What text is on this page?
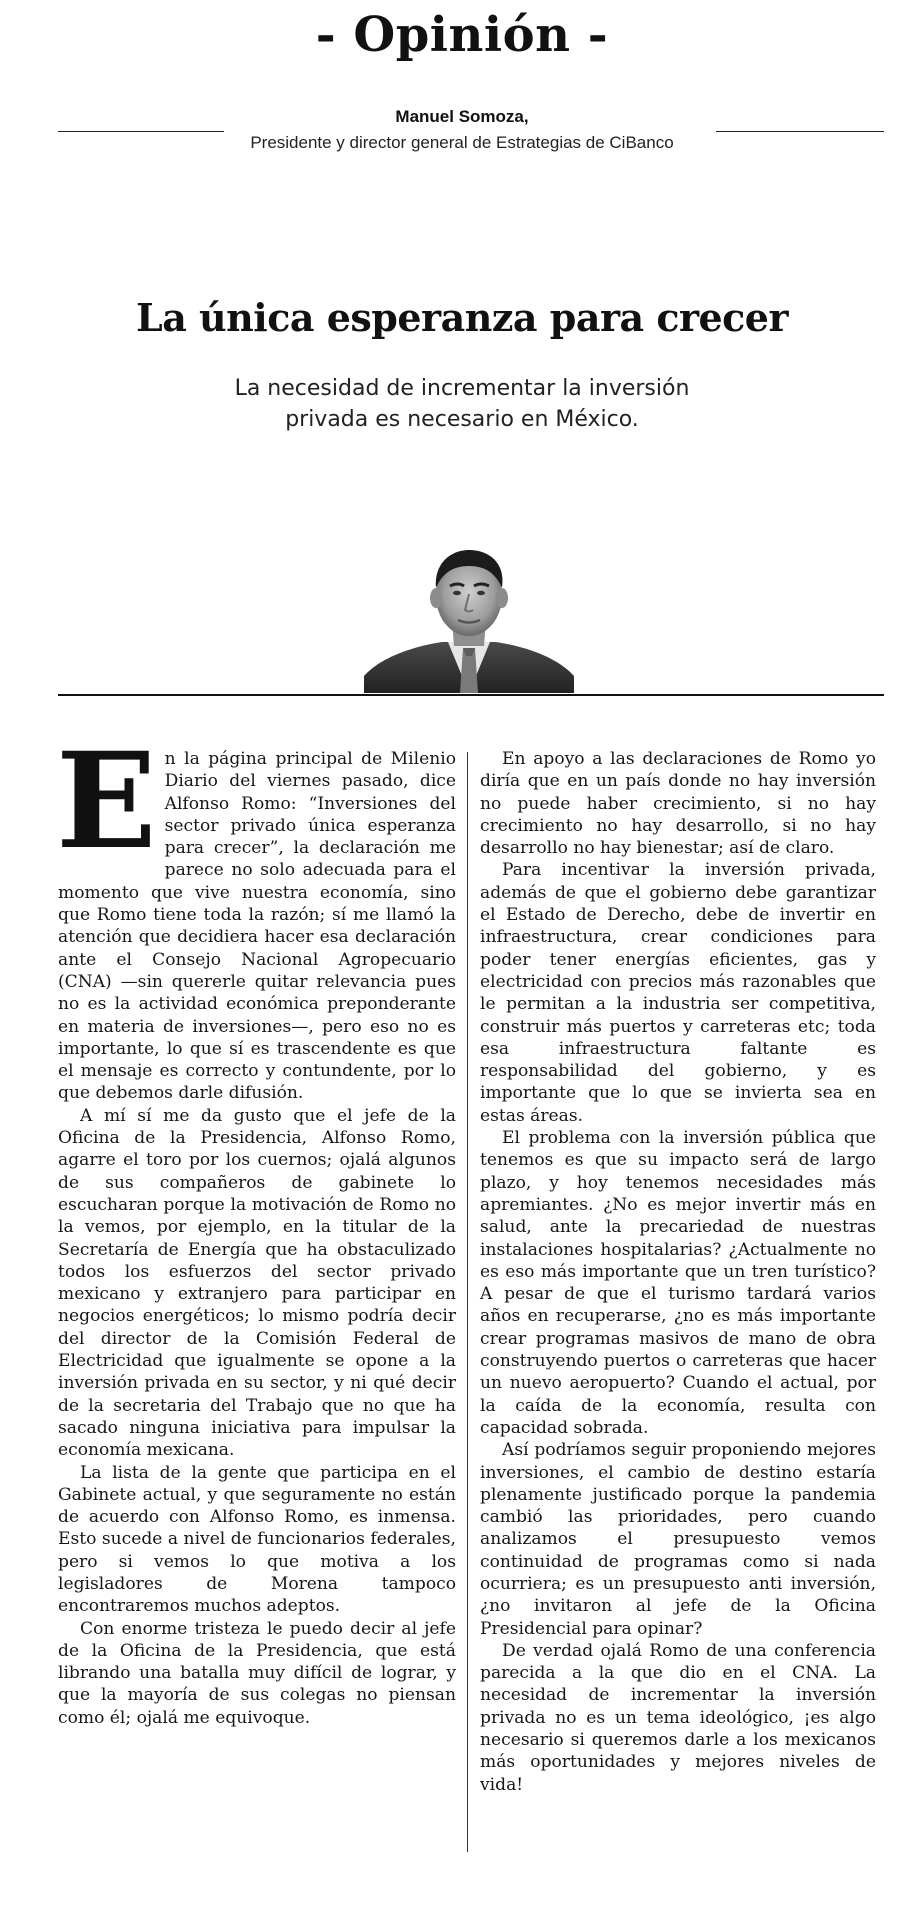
- Opinión -
Manuel Somoza,
Presidente y director general de Estrategias de CiBanco
La única esperanza para crecer
La necesidad de incrementar la inversión privada es necesario en México.

En la página principal de Milenio Diario del viernes pasado, dice Alfonso Romo: “Inversiones del sector privado única esperanza para crecer”, la declaración me parece no solo adecuada para el momento que vive nuestra economía, sino que Romo tiene toda la razón; sí me llamó la atención que decidiera hacer esa declaración ante el Consejo Nacional Agropecuario (CNA) —sin quererle quitar relevancia pues no es la actividad económica preponderante en materia de inversiones—, pero eso no es importante, lo que sí es trascendente es que el mensaje es correcto y contundente, por lo que debemos darle difusión.

A mí sí me da gusto que el jefe de la Oficina de la Presidencia, Alfonso Romo, agarre el toro por los cuernos; ojalá algunos de sus compañeros de gabinete lo escucharan porque la motivación de Romo no la vemos, por ejemplo, en la titular de la Secretaría de Energía que ha obstaculizado todos los esfuerzos del sector privado mexicano y extranjero para participar en negocios energéticos; lo mismo podría decir del director de la Comisión Federal de Electricidad que igualmente se opone a la inversión privada en su sector, y ni qué decir de la secretaria del Trabajo que no que ha sacado ninguna iniciativa para impulsar la economía mexicana.

La lista de la gente que participa en el Gabinete actual, y que seguramente no están de acuerdo con Alfonso Romo, es inmensa. Esto sucede a nivel de funcionarios federales, pero si vemos lo que motiva a los legisladores de Morena tampoco encontraremos muchos adeptos.

Con enorme tristeza le puedo decir al jefe de la Oficina de la Presidencia, que está librando una batalla muy difícil de lograr, y que la mayoría de sus colegas no piensan como él; ojalá me equivoque.

En apoyo a las declaraciones de Romo yo diría que en un país donde no hay inversión no puede haber crecimiento, si no hay crecimiento no hay desarrollo, si no hay desarrollo no hay bienestar; así de claro.

Para incentivar la inversión privada, además de que el gobierno debe garantizar el Estado de Derecho, debe de invertir en infraestructura, crear condiciones para poder tener energías eficientes, gas y electricidad con precios más razonables que le permitan a la industria ser competitiva, construir más puertos y carreteras etc; toda esa infraestructura faltante es responsabilidad del gobierno, y es importante que lo que se invierta sea en estas áreas.

El problema con la inversión pública que tenemos es que su impacto será de largo plazo, y hoy tenemos necesidades más apremiantes. ¿No es mejor invertir más en salud, ante la precariedad de nuestras instalaciones hospitalarias? ¿Actualmente no es eso más importante que un tren turístico? A pesar de que el turismo tardará varios años en recuperarse, ¿no es más importante crear programas masivos de mano de obra construyendo puertos o carreteras que hacer un nuevo aeropuerto? Cuando el actual, por la caída de la economía, resulta con capacidad sobrada.

Así podríamos seguir proponiendo mejores inversiones, el cambio de destino estaría plenamente justificado porque la pandemia cambió las prioridades, pero cuando analizamos el presupuesto vemos continuidad de programas como si nada ocurriera; es un presupuesto anti inversión, ¿no invitaron al jefe de la Oficina Presidencial para opinar?

De verdad ojalá Romo de una conferencia parecida a la que dio en el CNA. La necesidad de incrementar la inversión privada no es un tema ideológico, ¡es algo necesario si queremos darle a los mexicanos más oportunidades y mejores niveles de vida!
